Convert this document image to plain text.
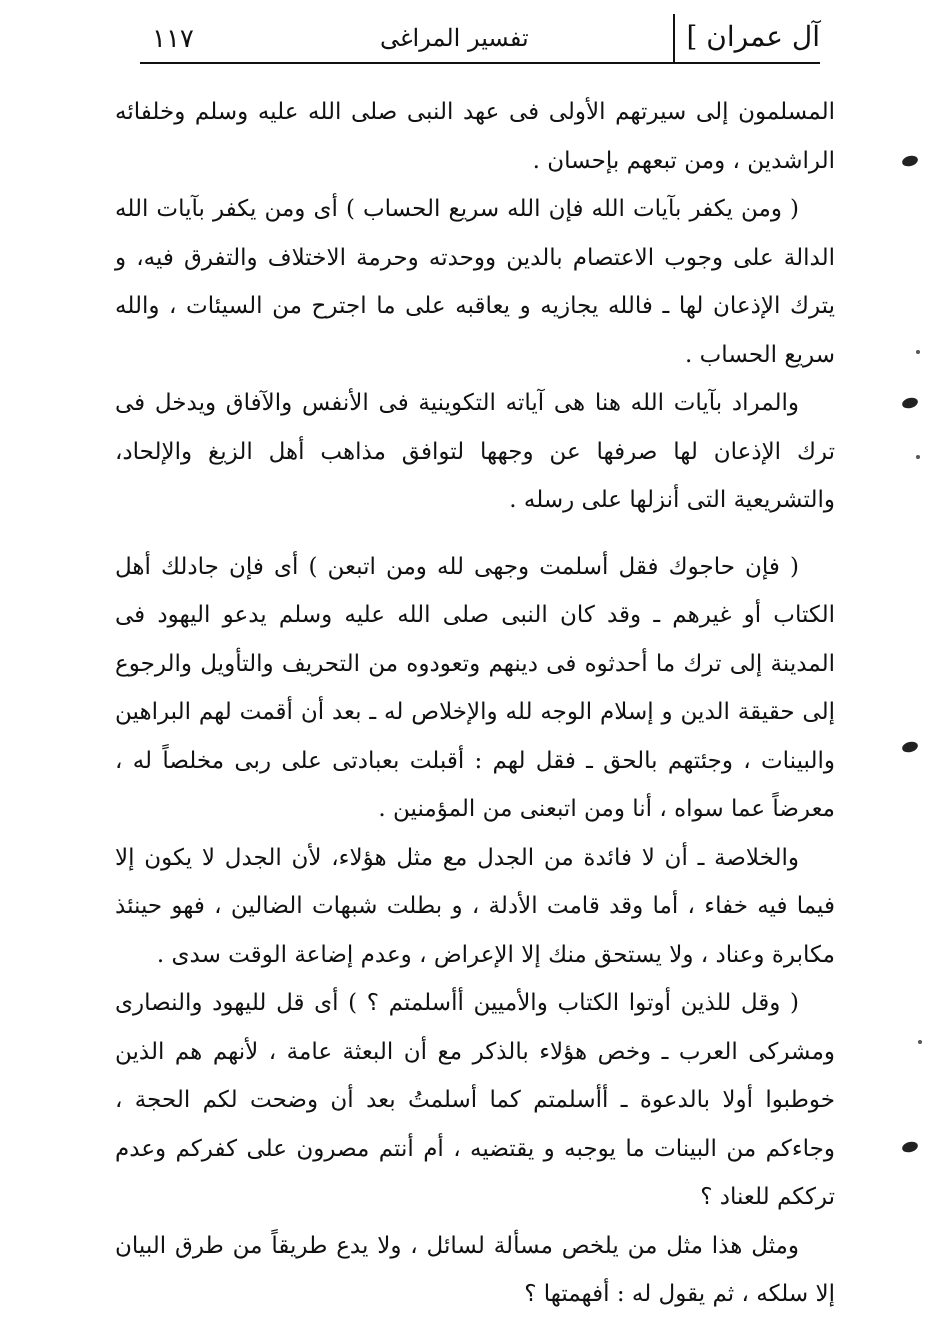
آل عمران ]
تفسير المراغى
١١٧

المسلمون إلى سيرتهم الأولى فى عهد النبى صلى الله عليه وسلم وخلفائه الراشدين ، ومن تبعهم بإحسان .

( ومن يكفر بآيات الله فإن الله سريع الحساب ) أى ومن يكفر بآيات الله الدالة على وجوب الاعتصام بالدين ووحدته وحرمة الاختلاف والتفرق فيه، و يترك الإذعان لها ـ فالله يجازيه و يعاقبه على ما اجترح من السيئات ، والله سريع الحساب .

والمراد بآيات الله هنا هى آياته التكوينية فى الأنفس والآفاق ويدخل فى ترك الإذعان لها صرفها عن وجهها لتوافق مذاهب أهل الزيغ والإلحاد، والتشريعية التى أنزلها على رسله .

( فإن حاجوك فقل أسلمت وجهى لله ومن اتبعن ) أى فإن جادلك أهل الكتاب أو غيرهم ـ وقد كان النبى صلى الله عليه وسلم يدعو اليهود فى المدينة إلى ترك ما أحدثوه فى دينهم وتعودوه من التحريف والتأويل والرجوع إلى حقيقة الدين و إسلام الوجه لله والإخلاص له ـ بعد أن أقمت لهم البراهين والبينات ، وجئتهم بالحق ـ فقل لهم : أقبلت بعبادتى على ربى مخلصاً له ، معرضاً عما سواه ، أنا ومن اتبعنى من المؤمنين .

والخلاصة ـ أن لا فائدة من الجدل مع مثل هؤلاء، لأن الجدل لا يكون إلا فيما فيه خفاء ، أما وقد قامت الأدلة ، و بطلت شبهات الضالين ، فهو حينئذ مكابرة وعناد ، ولا يستحق منك إلا الإعراض ، وعدم إضاعة الوقت سدى .

( وقل للذين أوتوا الكتاب والأميين أأسلمتم ؟ ) أى قل لليهود والنصارى ومشركى العرب ـ وخص هؤلاء بالذكر مع أن البعثة عامة ، لأنهم هم الذين خوطبوا أولا بالدعوة ـ أأسلمتم كما أسلمتُ بعد أن وضحت لكم الحجة ، وجاءكم من البينات ما يوجبه و يقتضيه ، أم أنتم مصرون على كفركم وعدم ترككم للعناد ؟

ومثل هذا مثل من يلخص مسألة لسائل ، ولا يدع طريقاً من طرق البيان إلا سلكه ، ثم يقول له : أفهمتها ؟
